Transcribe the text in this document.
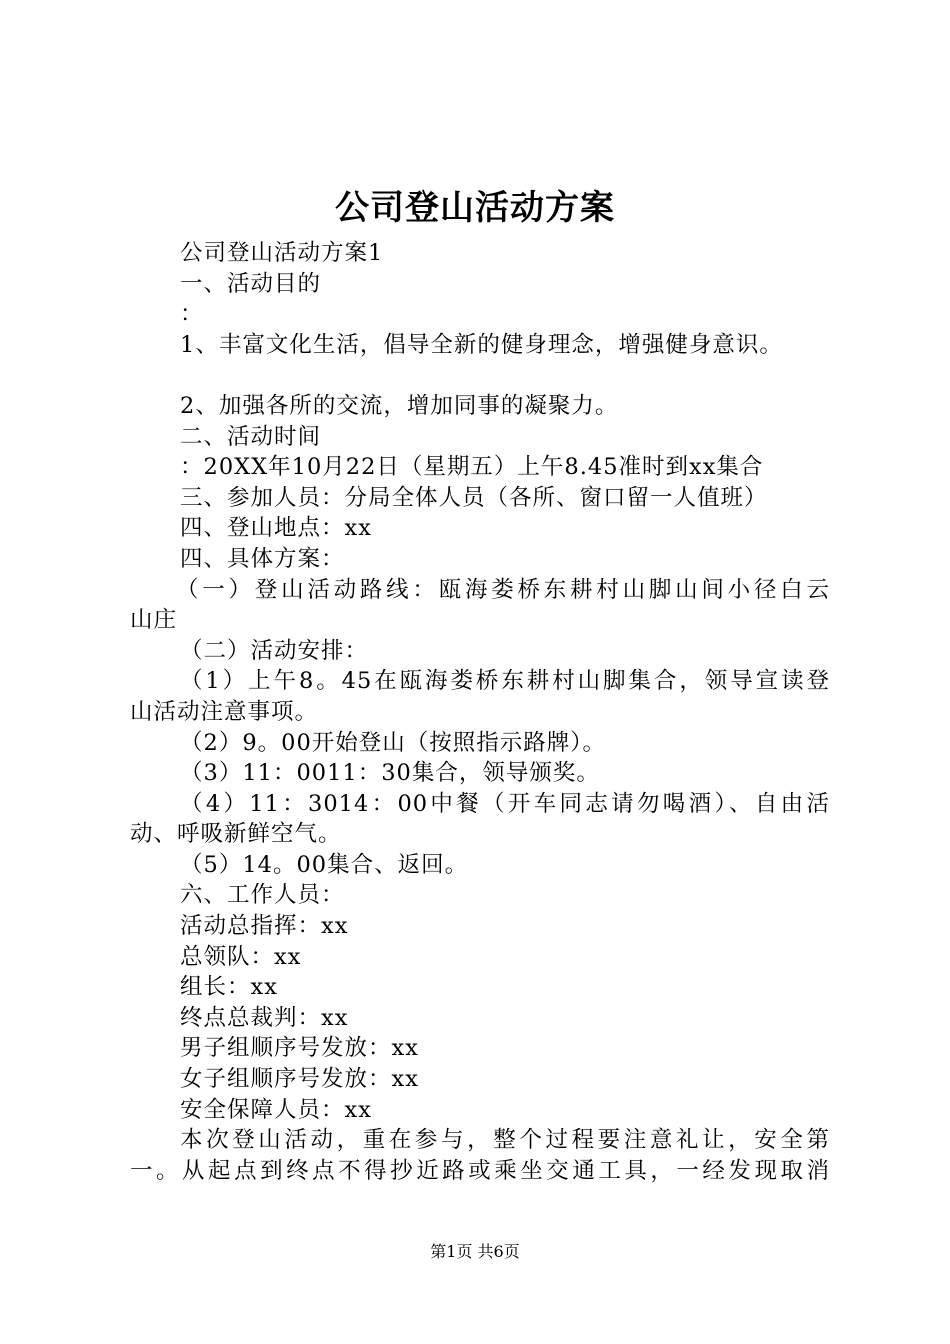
公司登山活动方案
公司登山活动方案1
一、活动目的
：
1、丰富文化生活，倡导全新的健身理念，增强健身意识。
2、加强各所的交流，增加同事的凝聚力。
二、活动时间
：20XX年10月22日（星期五）上午8.45准时到xx集合
三、参加人员：分局全体人员（各所、窗口留一人值班）
四、登山地点：xx
四、具体方案：
（一）登山活动路线：瓯海娄桥东耕村山脚山间小径白云
山庄
（二）活动安排：
（1）上午8。45在瓯海娄桥东耕村山脚集合，领导宣读登
山活动注意事项。
（2）9。00开始登山（按照指示路牌）。
（3）11：0011：30集合，领导颁奖。
（4）11：3014：00中餐（开车同志请勿喝酒）、自由活
动、呼吸新鲜空气。
（5）14。00集合、返回。
六、工作人员：
活动总指挥：xx
总领队：xx
组长：xx
终点总裁判：xx
男子组顺序号发放：xx
女子组顺序号发放：xx
安全保障人员：xx
本次登山活动，重在参与，整个过程要注意礼让，安全第
一。从起点到终点不得抄近路或乘坐交通工具，一经发现取消
第1页 共6页
